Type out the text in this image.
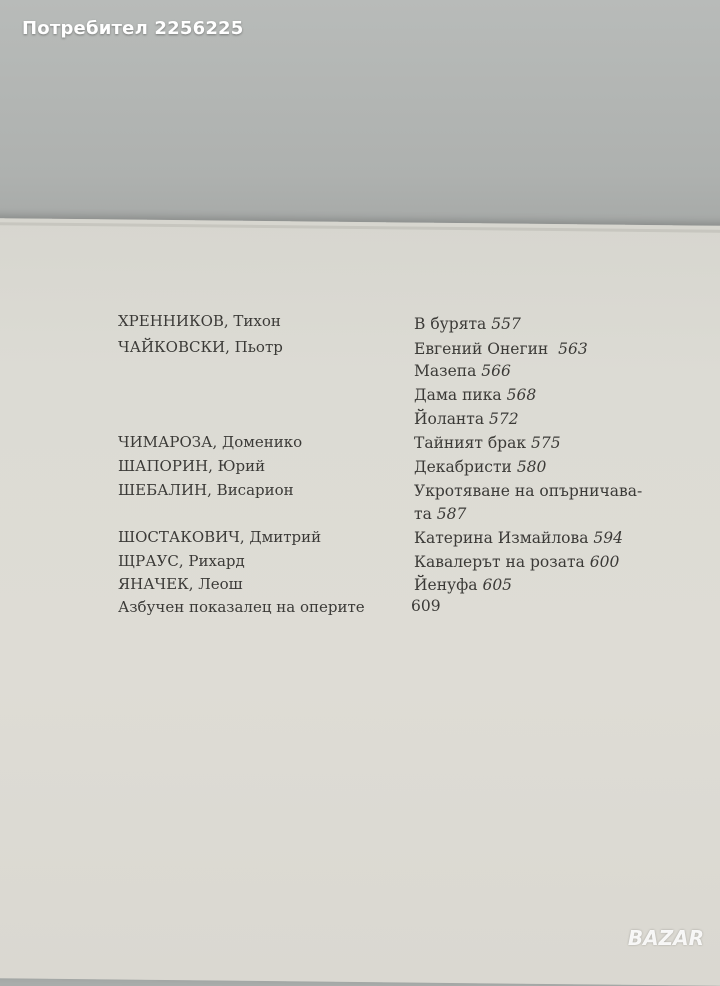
Потребител 2256225
ХРЕННИКОВ, Тихон	В бурята 557
ЧАЙКОВСКИ, Пьотр	Евгений Онегин 563
Мазепа 566
Дама пика 568
Йоланта 572
ЧИМАРОЗА, Доменико	Тайният брак 575
ШАПОРИН, Юрий	Декабристи 580
ШЕБАЛИН, Висарион	Укротяване на опърничава-
та 587
ШОСТАКОВИЧ, Дмитрий	Катерина Измайлова 594
ЩРАУС, Рихард	Кавалерът на розата 600
ЯНАЧЕК, Леош	Йенуфа 605
Азбучен показалец на оперите	609
BAZAR
